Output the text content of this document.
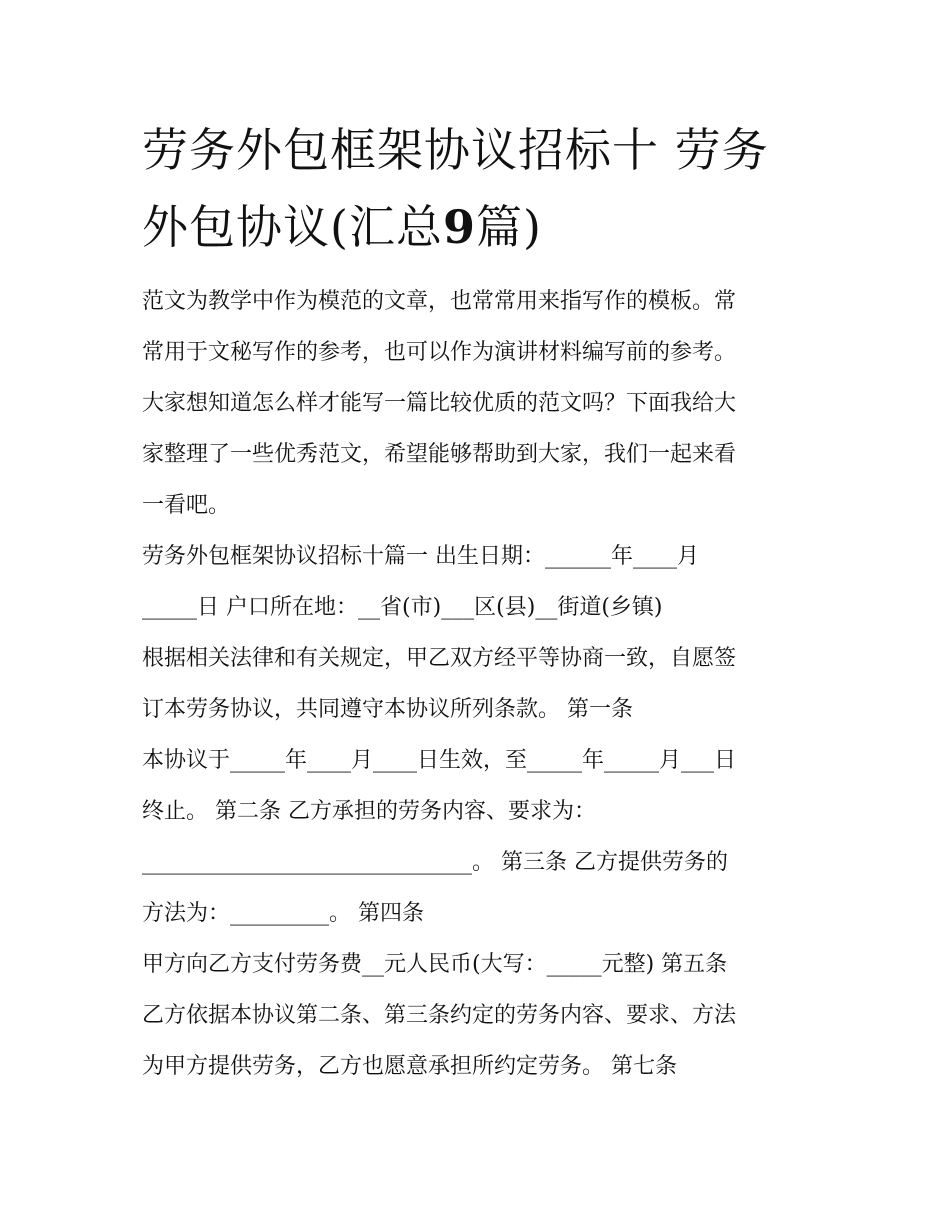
劳务外包框架协议招标十 劳务
外包协议(汇总9篇)
范文为教学中作为模范的文章，也常常用来指写作的模板。常
常用于文秘写作的参考，也可以作为演讲材料编写前的参考。
大家想知道怎么样才能写一篇比较优质的范文吗？下面我给大
家整理了一些优秀范文，希望能够帮助到大家，我们一起来看
一看吧。
劳务外包框架协议招标十篇一 出生日期：______年____月
_____日 户口所在地：__省(市)___区(县)__街道(乡镇)
根据相关法律和有关规定，甲乙双方经平等协商一致，自愿签
订本劳务协议，共同遵守本协议所列条款。 第一条
本协议于_____年____月____日生效，至_____年_____月___日
终止。 第二条 乙方承担的劳务内容、要求为：
______________________________。 第三条 乙方提供劳务的
方法为：_________。 第四条
甲方向乙方支付劳务费__元人民币(大写：_____元整) 第五条
乙方依据本协议第二条、第三条约定的劳务内容、要求、方法
为甲方提供劳务，乙方也愿意承担所约定劳务。 第七条
